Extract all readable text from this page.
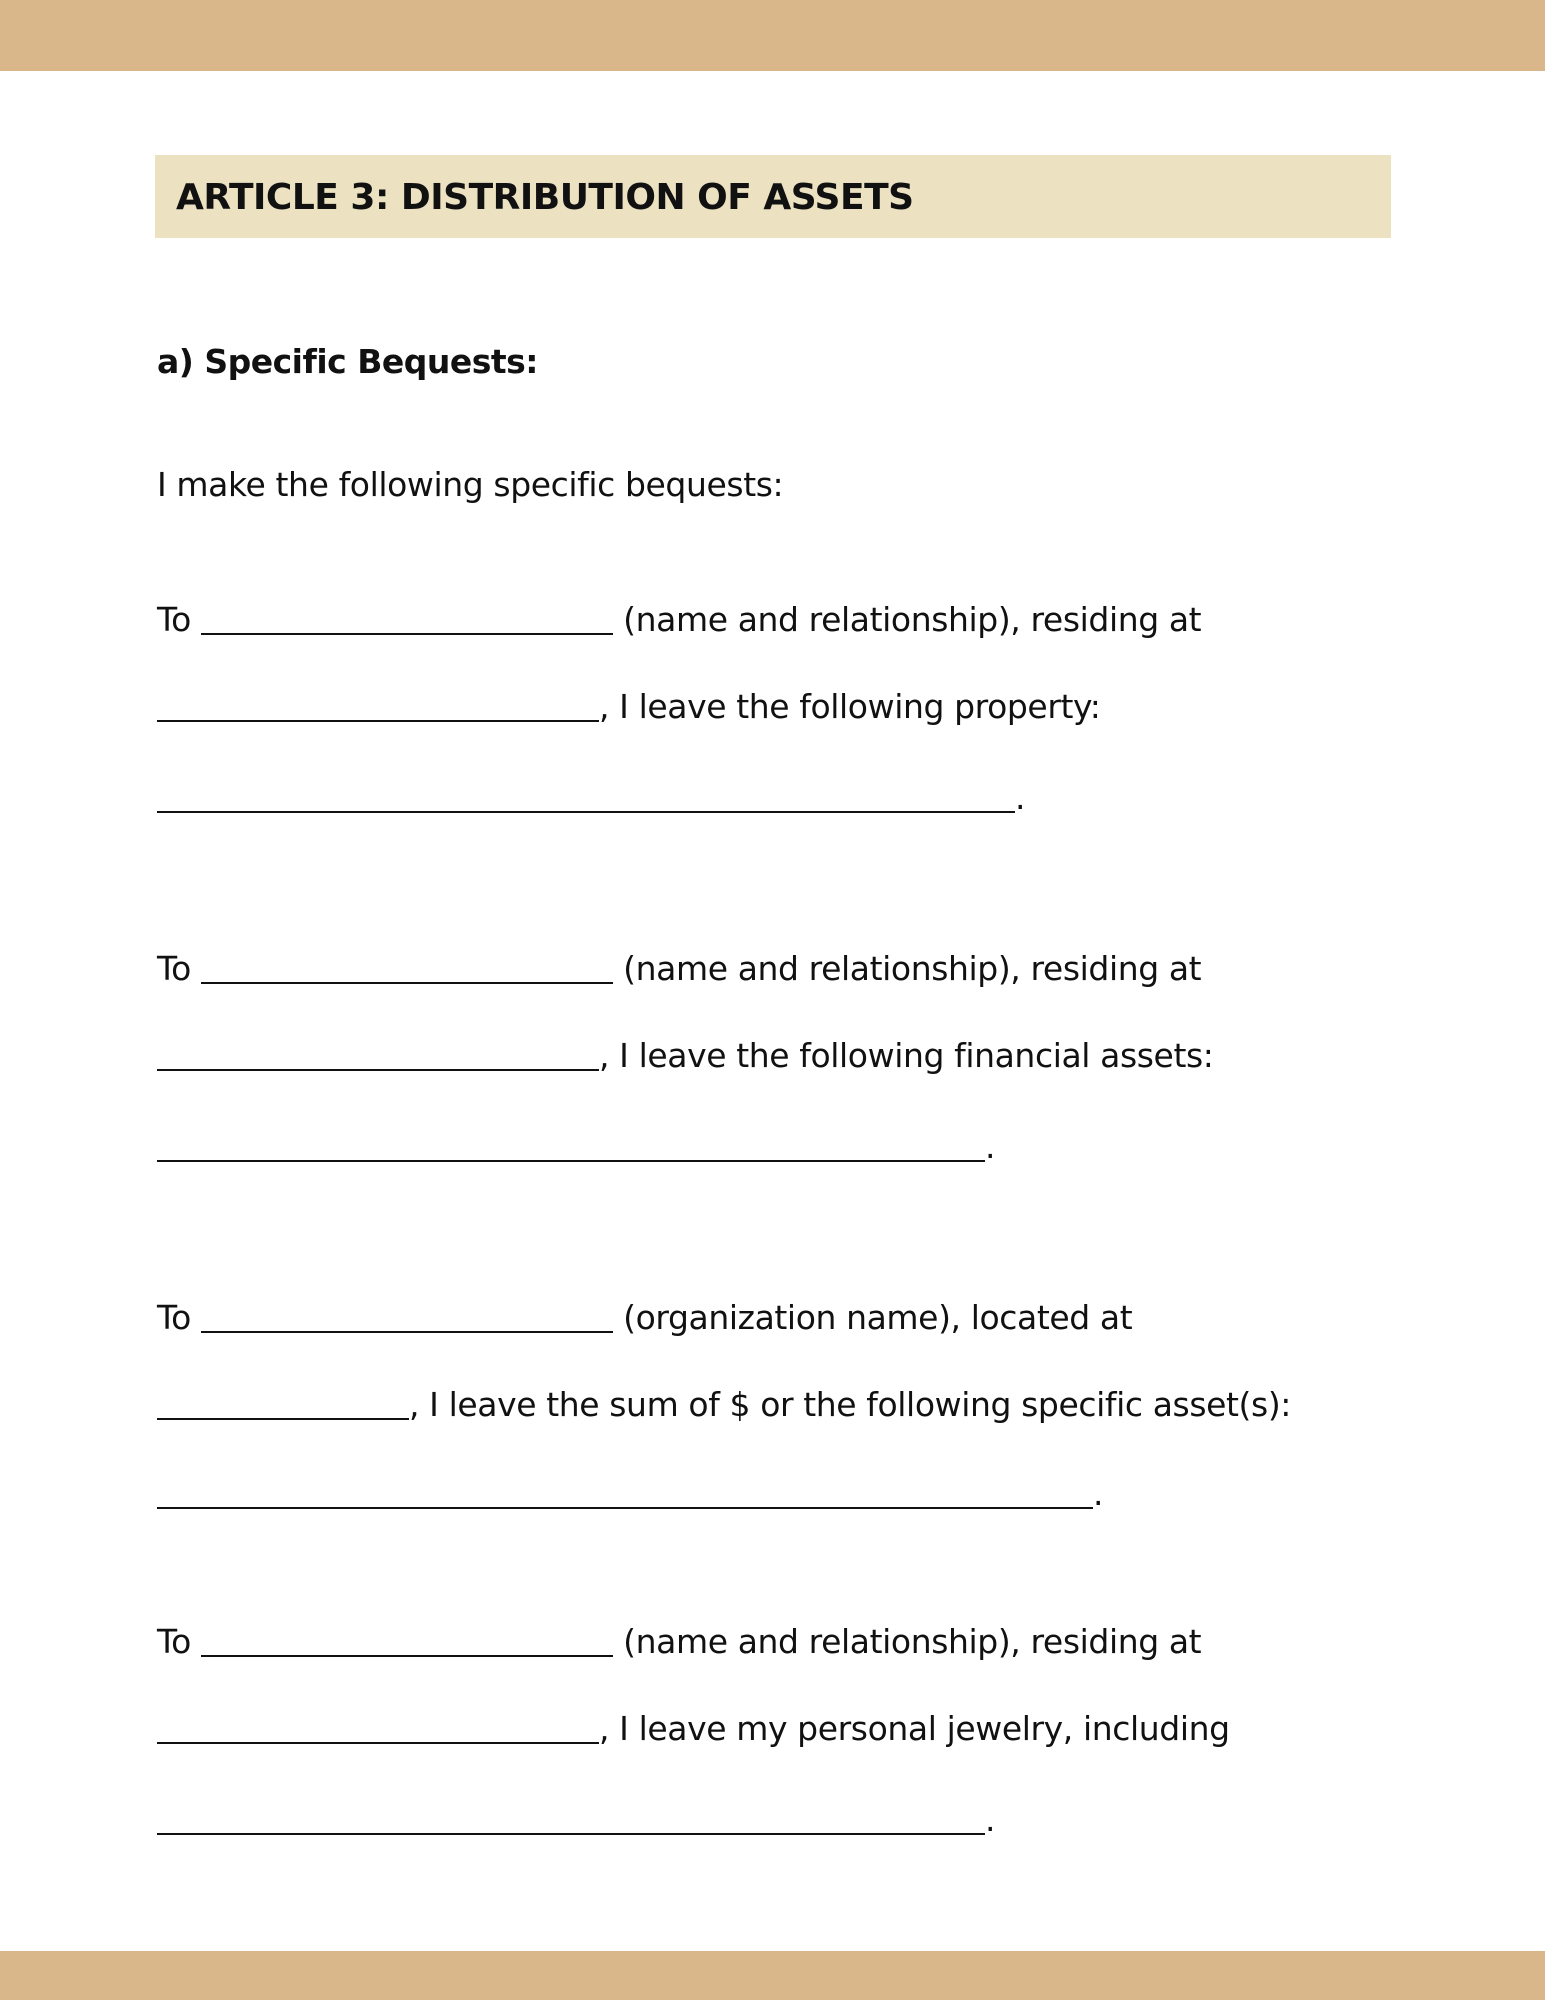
ARTICLE 3: DISTRIBUTION OF ASSETS
a) Specific Bequests:
I make the following specific bequests:
To	(name and relationship), residing at
, I leave the following property:
.
To	(name and relationship), residing at
, I leave the following financial assets:
.
To	(organization name), located at
, I leave the sum of $ or the following specific asset(s):
.
To	(name and relationship), residing at
, I leave my personal jewelry, including
.
